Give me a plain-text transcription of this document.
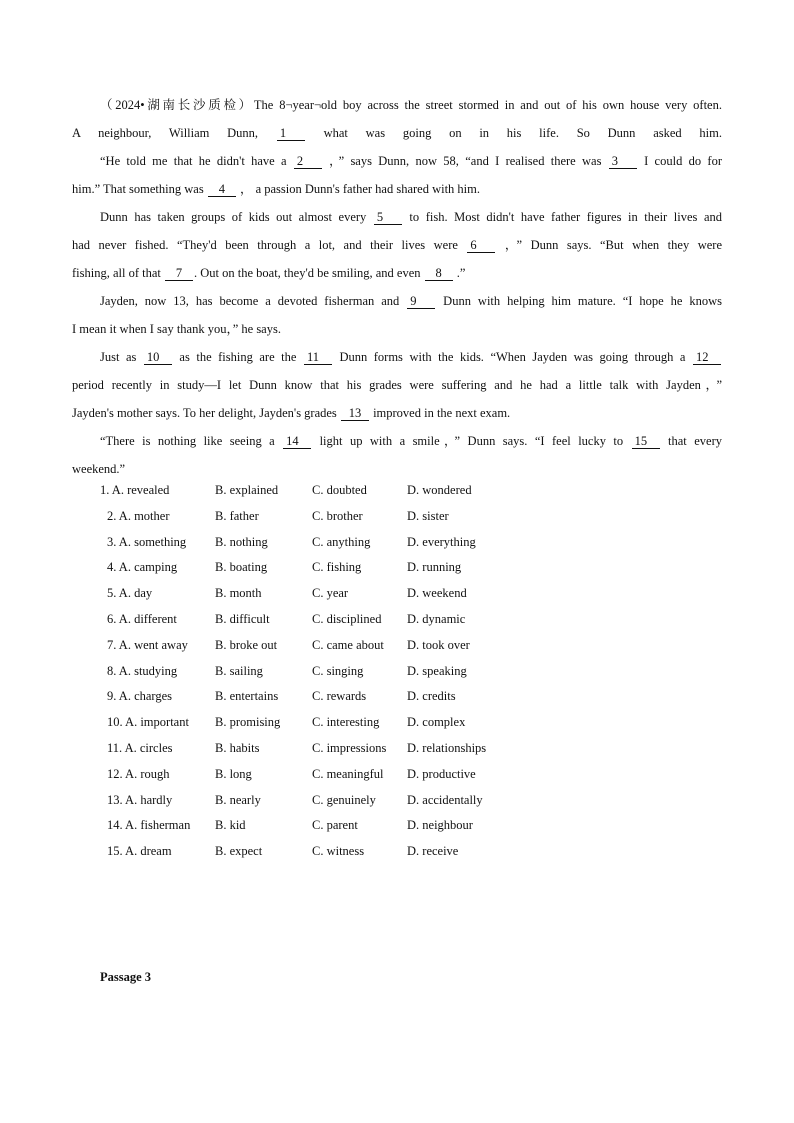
（2024•湖南长沙质检）The 8¬year¬old boy across the street stormed in and out of his own house very often.
A neighbour, William Dunn, 1 what was going on in his life. So Dunn asked him.
“He told me that he didn't have a 2 ，” says Dunn, now 58, “and I realised there was 3 I could do for
him.” That something was 4 ， a passion Dunn's father had shared with him.
Dunn has taken groups of kids out almost every 5 to fish. Most didn't have father figures in their lives and
had never fished. “They'd been through a lot, and their lives were 6 ，” Dunn says. “But when they were
fishing, all of that 7 . Out on the boat, they'd be smiling, and even 8 .”
Jayden, now 13, has become a devoted fisherman and 9 Dunn with helping him mature. “I hope he knows
I mean it when I say thank you，” he says.
Just as 10 as the fishing are the 11 Dunn forms with the kids. “When Jayden was going through a 12
period recently in study—I let Dunn know that his grades were suffering and he had a little talk with Jayden，”
Jayden's mother says. To her delight, Jayden's grades 13 improved in the next exam.
“There is nothing like seeing a 14 light up with a smile，” Dunn says. “I feel lucky to 15 that every
weekend.”
1. A. revealed	B. explained	C. doubted	D. wondered
2. A. mother	B. father	C. brother	D. sister
3. A. something B. nothing	C. anything	D. everything
4. A. camping	B. boating	C. fishing	D. running
5. A. day	B. month	C. year	D. weekend
6. A. different	B. difficult	C. disciplined D. dynamic
7. A. went away B. broke out	C. came about D. took over
8. A. studying	B. sailing	C. singing	D. speaking
9. A. charges	B. entertains	C. rewards	D. credits
10. A. important B. promising	C. interesting D. complex
11. A. circles	B. habits	C. impressions D. relationships
12. A. rough	B. long	C. meaningful D. productive
13. A. hardly	B. nearly	C. genuinely D. accidentally
14. A. fisherman B. kid	C. parent	D. neighbour
15. A. dream	B. expect	C. witness	D. receive
Passage 3
